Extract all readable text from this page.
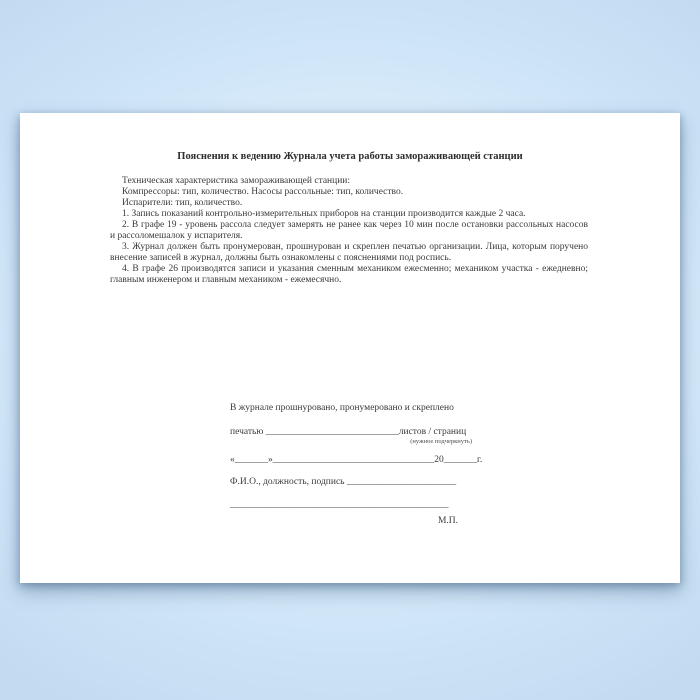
Пояснения к ведению Журнала учета работы замораживающей станции

Техническая характеристика замораживающей станции:

Компрессоры: тип, количество. Насосы рассольные: тип, количество.

Испарители: тип, количество.

1. Запись показаний контрольно-измерительных приборов на станции производится каждые 2 часа.

2. В графе 19 - уровень рассола следует замерять не ранее как через 10 мин после остановки рассольных насосов и рассоломешалок у испарителя.

3. Журнал должен быть пронумерован, прошнурован и скреплен печатью организации. Лица, которым поручено внесение записей в журнал, должны быть ознакомлены с пояснениями под роспись.

4. В графе 26 производятся записи и указания сменным механиком ежесменно; механиком участка - ежедневно; главным инженером и главным механиком - ежемесячно.

В журнале прошнуровано, пронумеровано и скреплено

печатью ____________________________листов / страниц

(нужное подчеркнуть)

«_______»__________________________________20_______г.

Ф.И.О., должность, подпись _______________________

______________________________________________

М.П.
